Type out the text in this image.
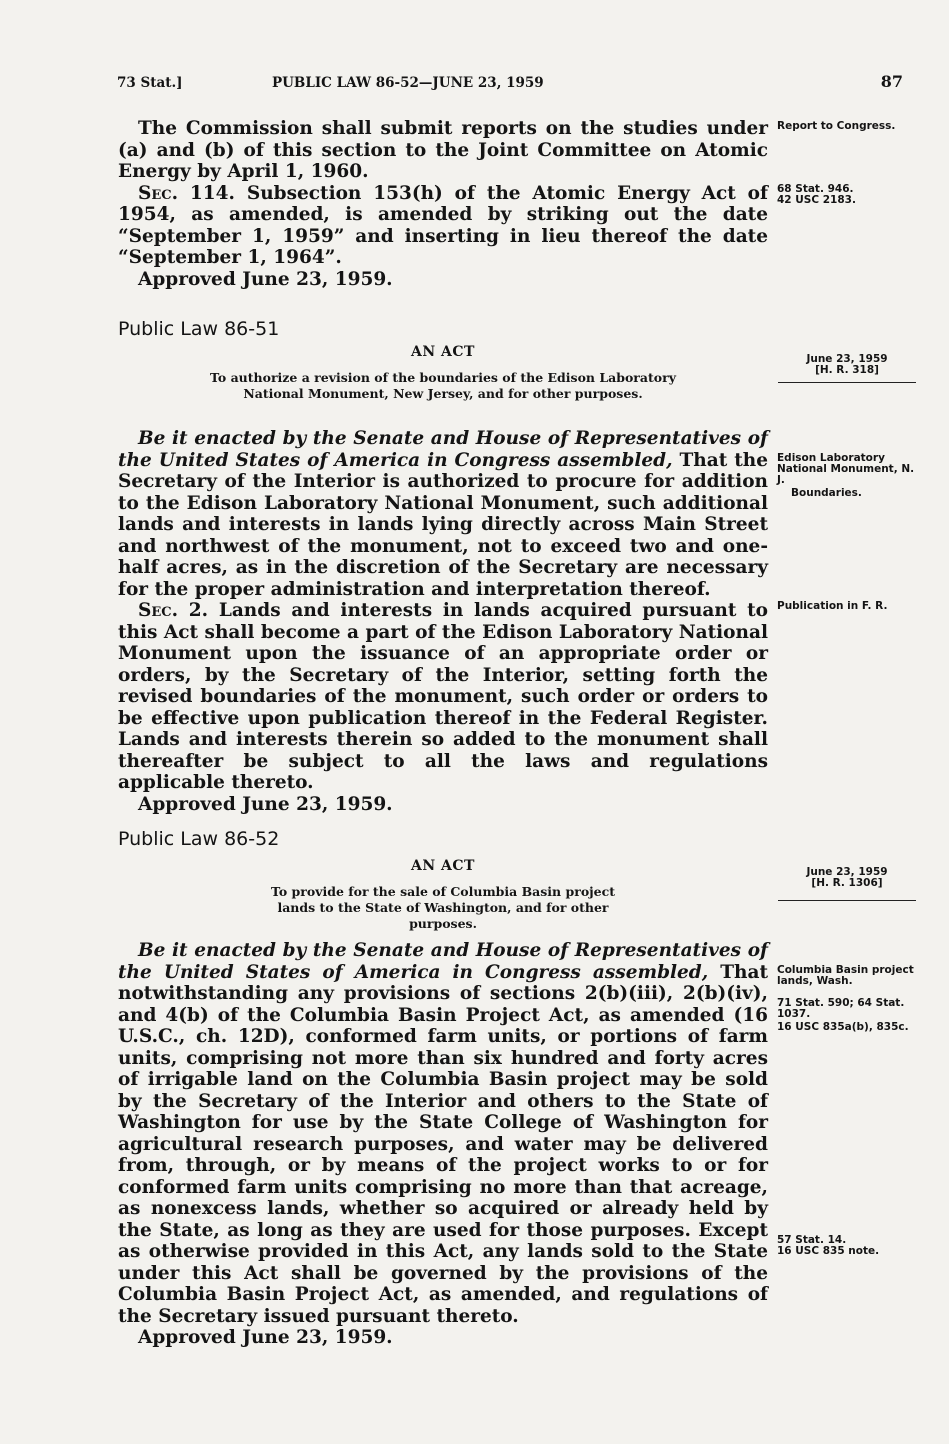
73 Stat.]	PUBLIC LAW 86-52—JUNE 23, 1959	87

The Commission shall submit reports on the studies under (a) and (b) of this section to the Joint Committee on Atomic Energy by April 1, 1960.

Sec. 114. Subsection 153(h) of the Atomic Energy Act of 1954, as amended, is amended by striking out the date “September 1, 1959” and inserting in lieu thereof the date “September 1, 1964”.

Approved June 23, 1959.

Public Law 86-51
AN ACT
To authorize a revision of the boundaries of the Edison Laboratory National Monument, New Jersey, and for other purposes.

Be it enacted by the Senate and House of Representatives of the United States of America in Congress assembled, That the Secretary of the Interior is authorized to procure for addition to the Edison Laboratory National Monument, such additional lands and interests in lands lying directly across Main Street and northwest of the monument, not to exceed two and one-half acres, as in the discretion of the Secretary are necessary for the proper administration and interpretation thereof.

Sec. 2. Lands and interests in lands acquired pursuant to this Act shall become a part of the Edison Laboratory National Monument upon the issuance of an appropriate order or orders, by the Secretary of the Interior, setting forth the revised boundaries of the monument, such order or orders to be effective upon publication thereof in the Federal Register. Lands and interests therein so added to the monument shall thereafter be subject to all the laws and regulations applicable thereto.

Approved June 23, 1959.

Public Law 86-52
AN ACT
To provide for the sale of Columbia Basin project lands to the State of Washington, and for other purposes.

Be it enacted by the Senate and House of Representatives of the United States of America in Congress assembled, That notwithstanding any provisions of sections 2(b)(iii), 2(b)(iv), and 4(b) of the Columbia Basin Project Act, as amended (16 U.S.C., ch. 12D), conformed farm units, or portions of farm units, comprising not more than six hundred and forty acres of irrigable land on the Columbia Basin project may be sold by the Secretary of the Interior and others to the State of Washington for use by the State College of Washington for agricultural research purposes, and water may be delivered from, through, or by means of the project works to or for conformed farm units comprising no more than that acreage, as nonexcess lands, whether so acquired or already held by the State, as long as they are used for those purposes. Except as otherwise provided in this Act, any lands sold to the State under this Act shall be governed by the provisions of the Columbia Basin Project Act, as amended, and regulations of the Secretary issued pursuant thereto.

Approved June 23, 1959.

Report to Congress.
68 Stat. 946.
42 USC 2183.
June 23, 1959
[H. R. 318]
Edison Laboratory National Monument, N. J.
Boundaries.
Publication in F. R.
June 23, 1959
[H. R. 1306]
Columbia Basin project lands, Wash.
71 Stat. 590; 64 Stat. 1037.
16 USC 835a(b), 835c.
57 Stat. 14.
16 USC 835 note.
